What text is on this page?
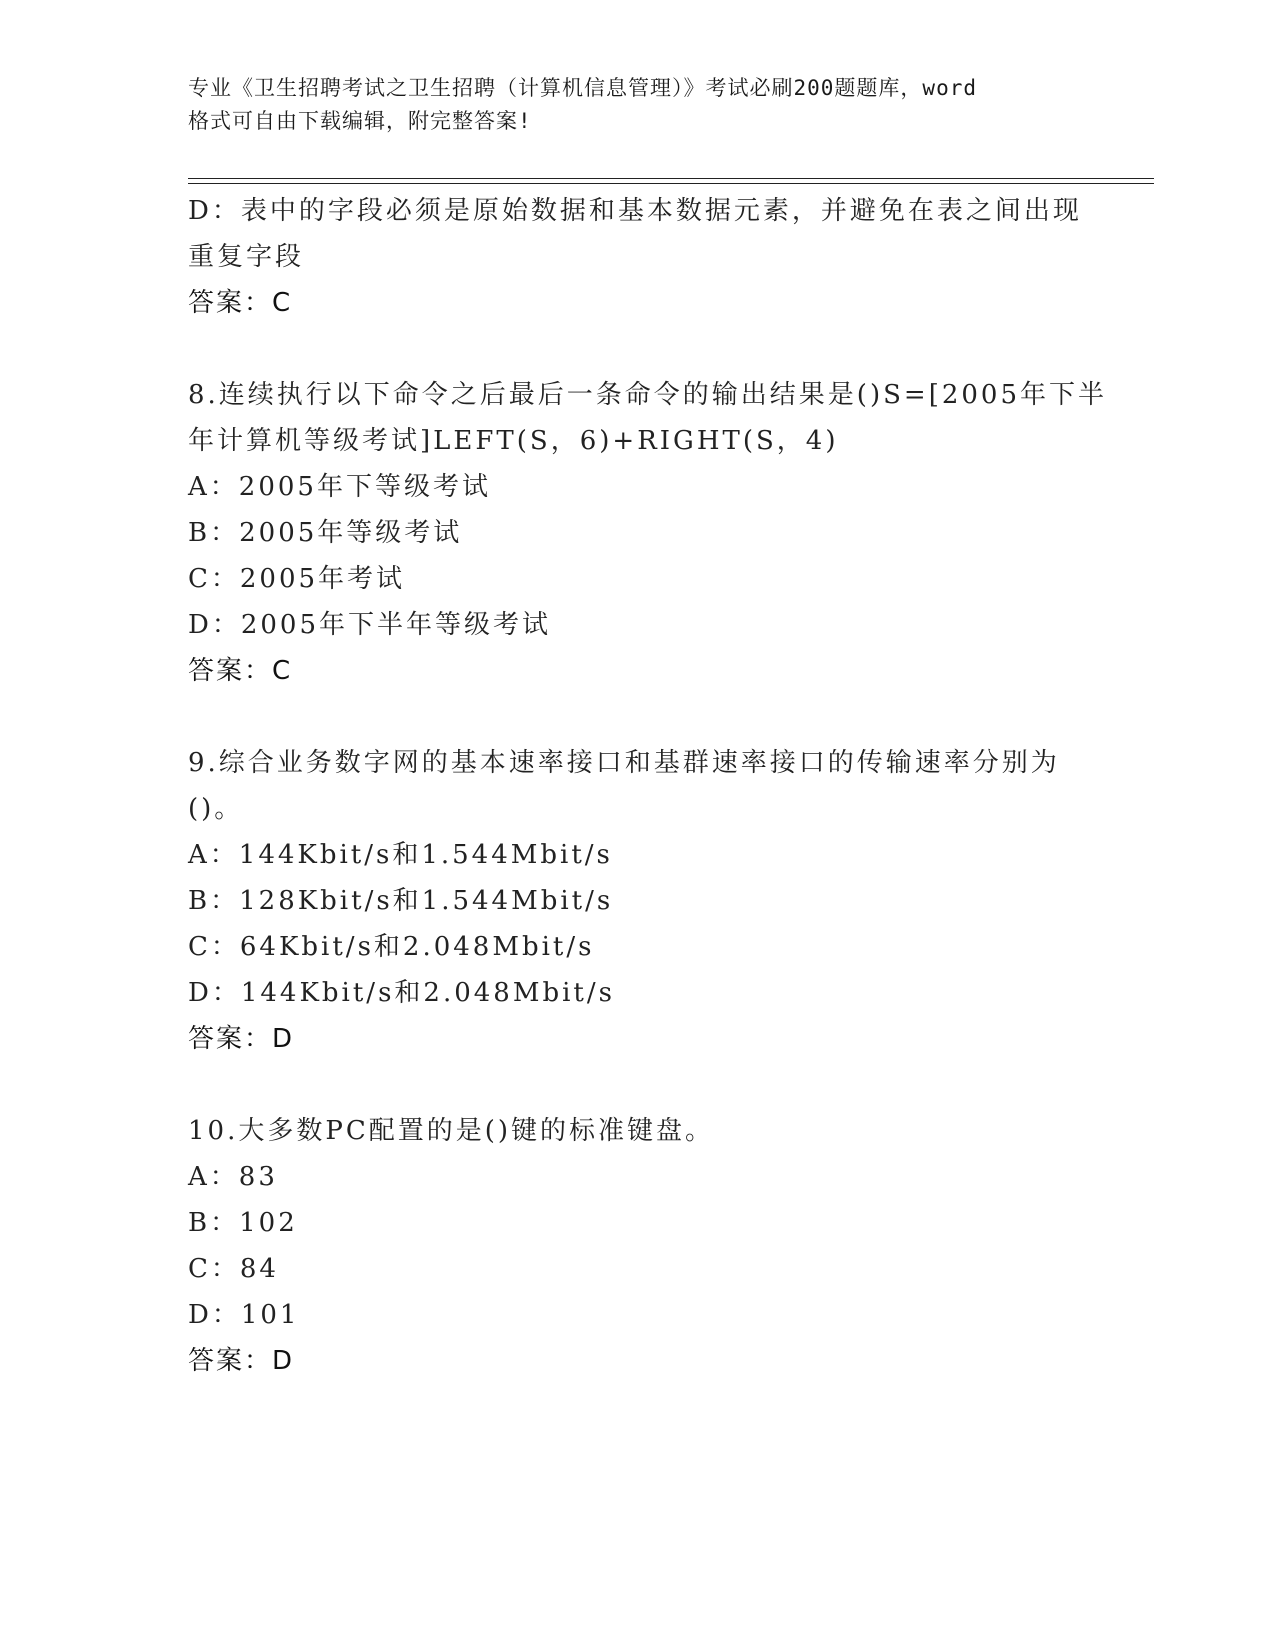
专业《卫生招聘考试之卫生招聘（计算机信息管理）》考试必刷200题题库，word
格式可自由下载编辑，附完整答案!
D：表中的字段必须是原始数据和基本数据元素，并避免在表之间出现
重复字段
答案：C
8.连续执行以下命令之后最后一条命令的输出结果是()S=[2005年下半
年计算机等级考试]LEFT(S，6)+RIGHT(S，4)
A：2005年下等级考试
B：2005年等级考试
C：2005年考试
D：2005年下半年等级考试
答案：C
9.综合业务数字网的基本速率接口和基群速率接口的传输速率分别为
()。
A：144Kbit/s和1.544Mbit/s
B：128Kbit/s和1.544Mbit/s
C：64Kbit/s和2.048Mbit/s
D：144Kbit/s和2.048Mbit/s
答案：D
10.大多数PC配置的是()键的标准键盘。
A：83
B：102
C：84
D：101
答案：D
